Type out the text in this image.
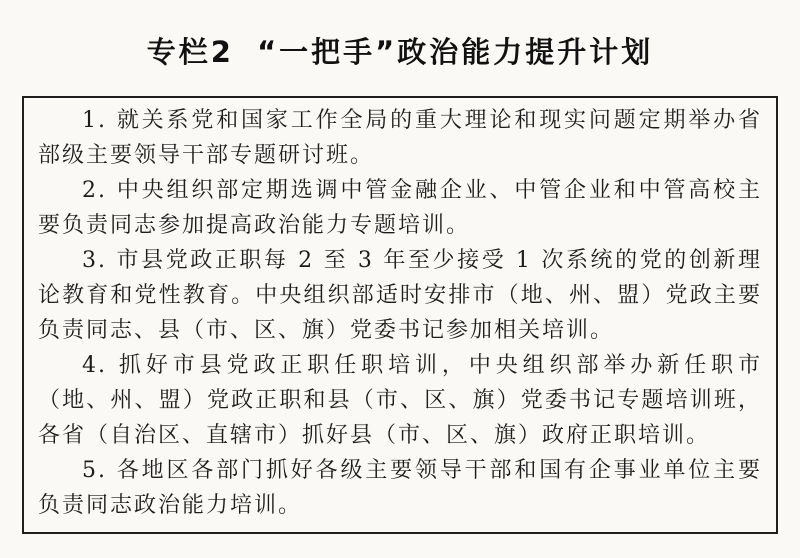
专栏2 “一把手”政治能力提升计划

1. 就关系党和国家工作全局的重大理论和现实问题定期举办省部级主要领导干部专题研讨班。

2. 中央组织部定期选调中管金融企业、中管企业和中管高校主要负责同志参加提高政治能力专题培训。

3. 市县党政正职每 2 至 3 年至少接受 1 次系统的党的创新理论教育和党性教育。中央组织部适时安排市（地、州、盟）党政主要负责同志、县（市、区、旗）党委书记参加相关培训。

4. 抓好市县党政正职任职培训，中央组织部举办新任职市（地、州、盟）党政正职和县（市、区、旗）党委书记专题培训班，各省（自治区、直辖市）抓好县（市、区、旗）政府正职培训。

5. 各地区各部门抓好各级主要领导干部和国有企事业单位主要负责同志政治能力培训。
